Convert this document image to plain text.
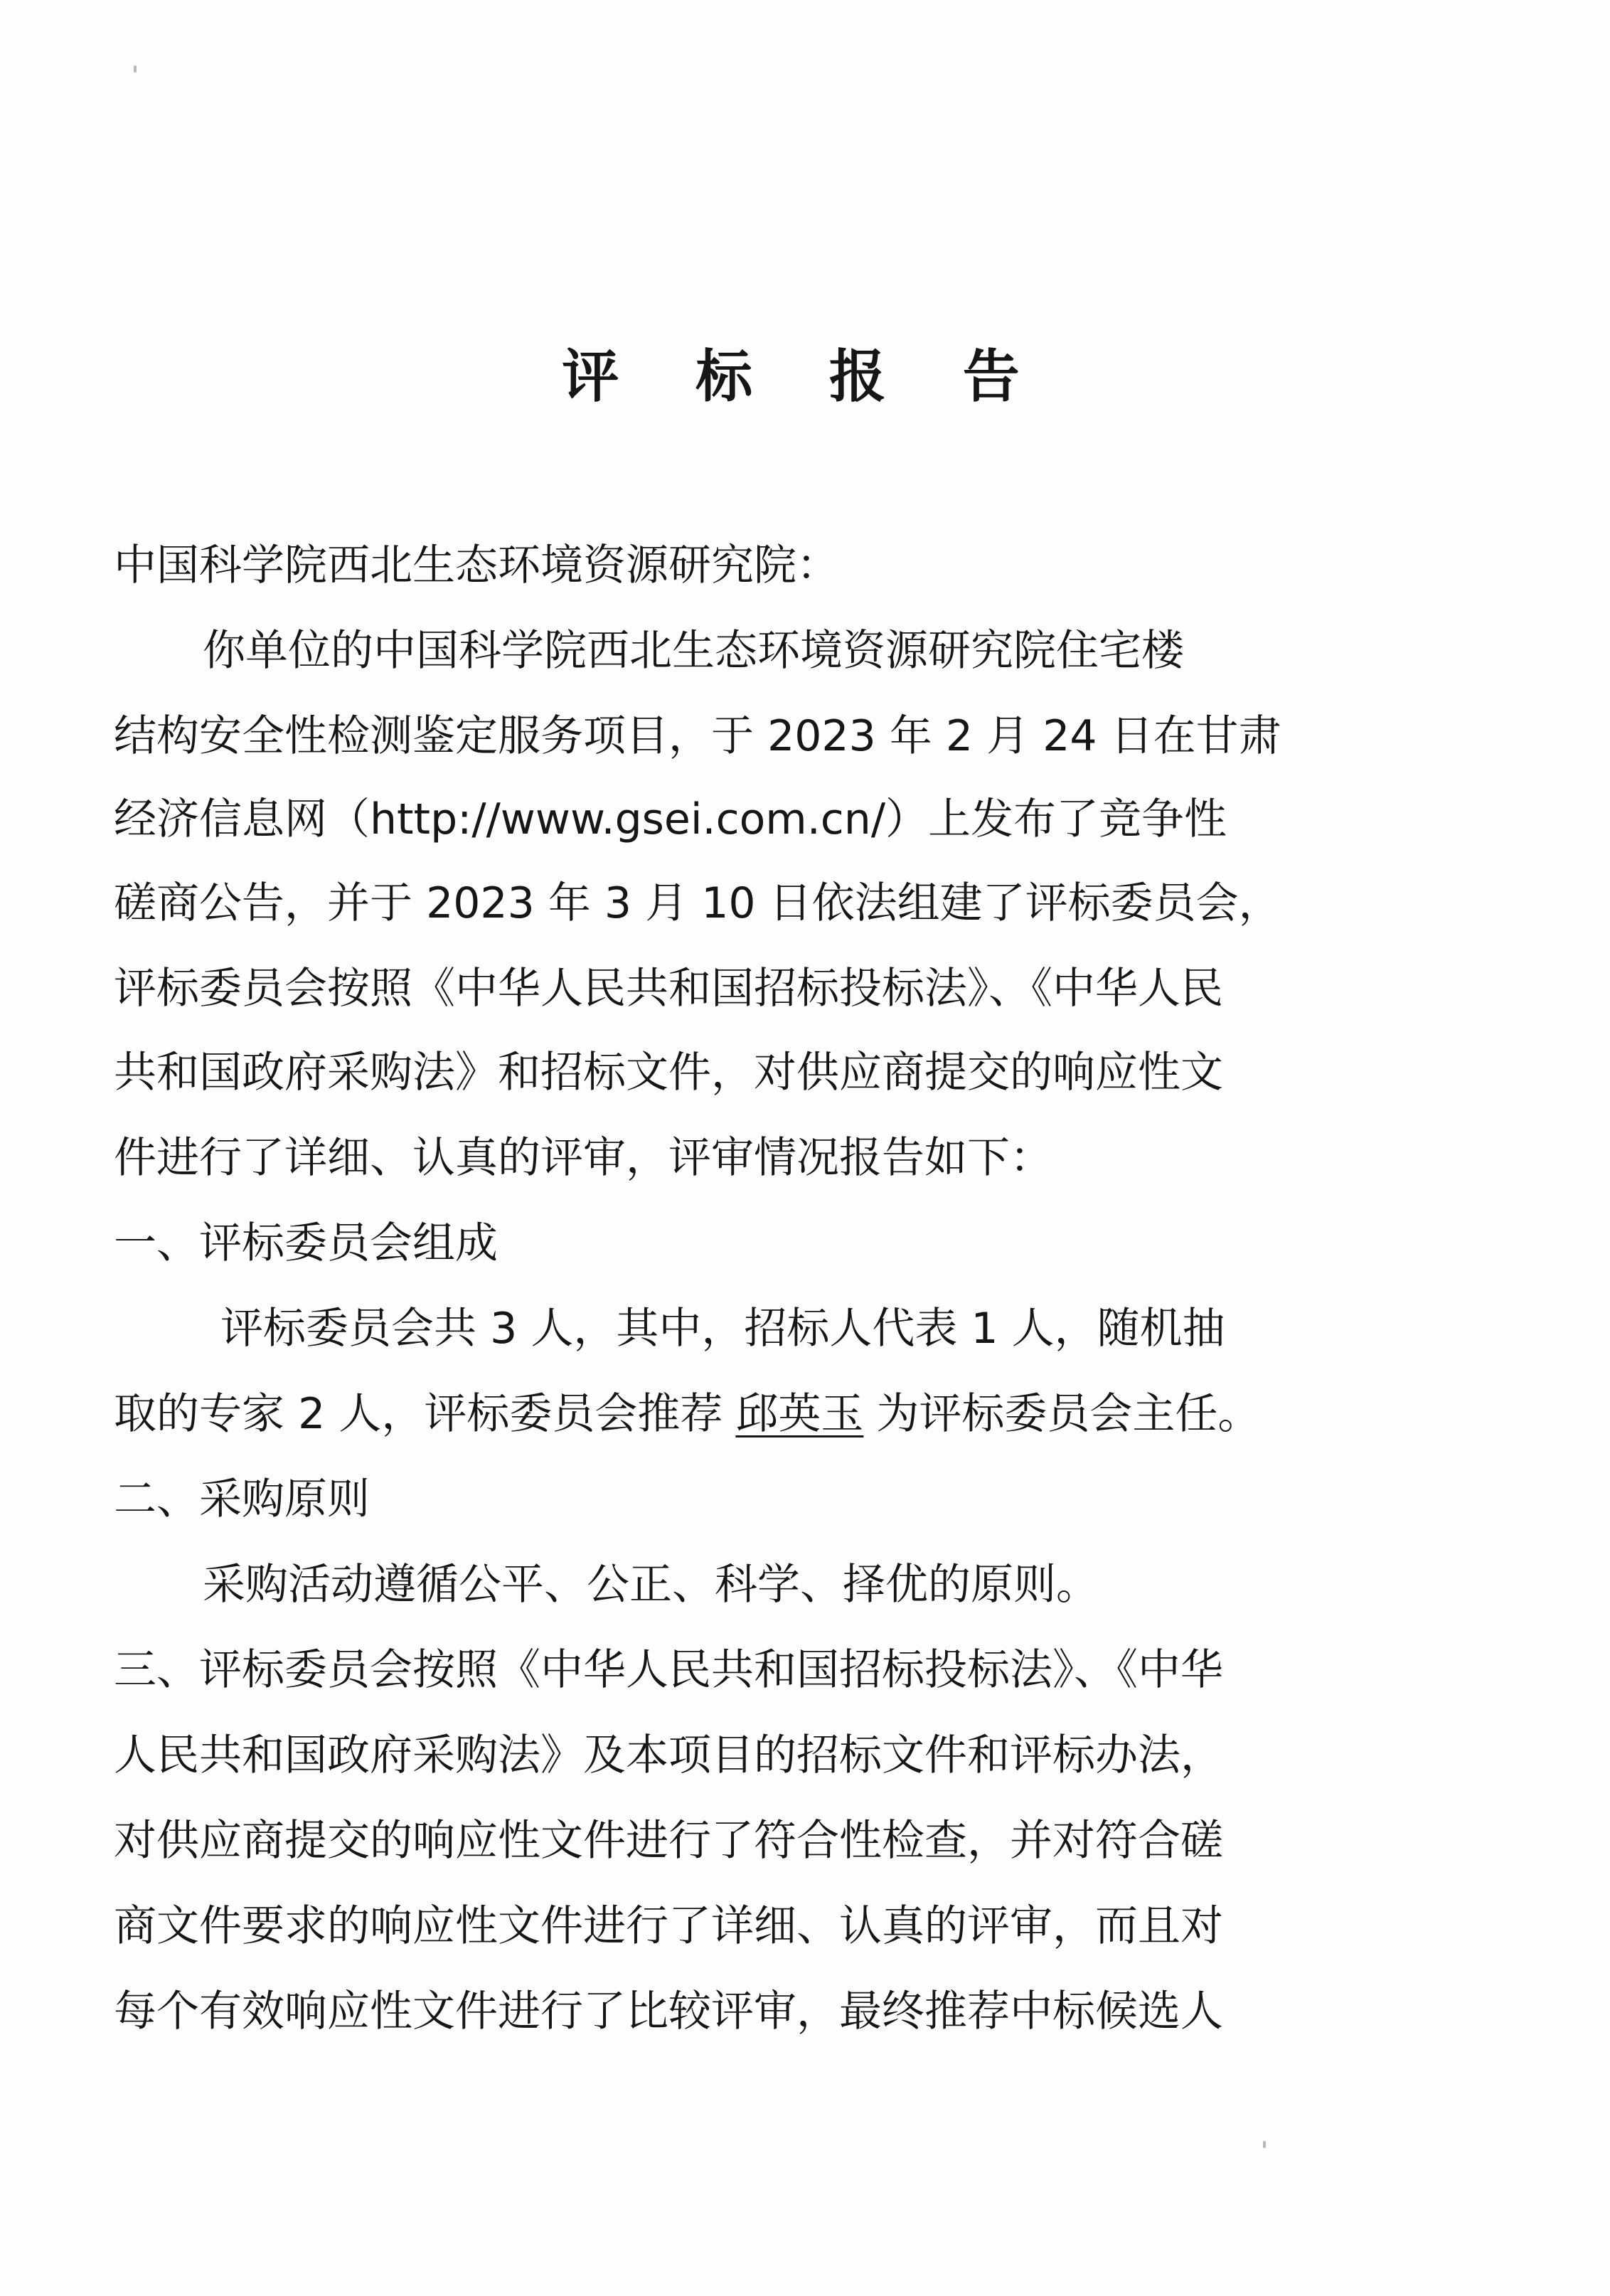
评 标 报 告
中国科学院西北生态环境资源研究院：
你单位的中国科学院西北生态环境资源研究院住宅楼
结构安全性检测鉴定服务项目，于 2023 年 2 月 24 日在甘肃
经济信息网（http://www.gsei.com.cn/）上发布了竞争性
磋商公告，并于 2023 年 3 月 10 日依法组建了评标委员会，
评标委员会按照《中华人民共和国招标投标法》、《中华人民
共和国政府采购法》和招标文件，对供应商提交的响应性文
件进行了详细、认真的评审，评审情况报告如下：
一、评标委员会组成
评标委员会共 3 人，其中，招标人代表 1 人，随机抽
取的专家 2 人，评标委员会推荐 邱英玉 为评标委员会主任。
二、采购原则
采购活动遵循公平、公正、科学、择优的原则。
三、评标委员会按照《中华人民共和国招标投标法》、《中华
人民共和国政府采购法》及本项目的招标文件和评标办法，
对供应商提交的响应性文件进行了符合性检查，并对符合磋
商文件要求的响应性文件进行了详细、认真的评审，而且对
每个有效响应性文件进行了比较评审，最终推荐中标候选人
